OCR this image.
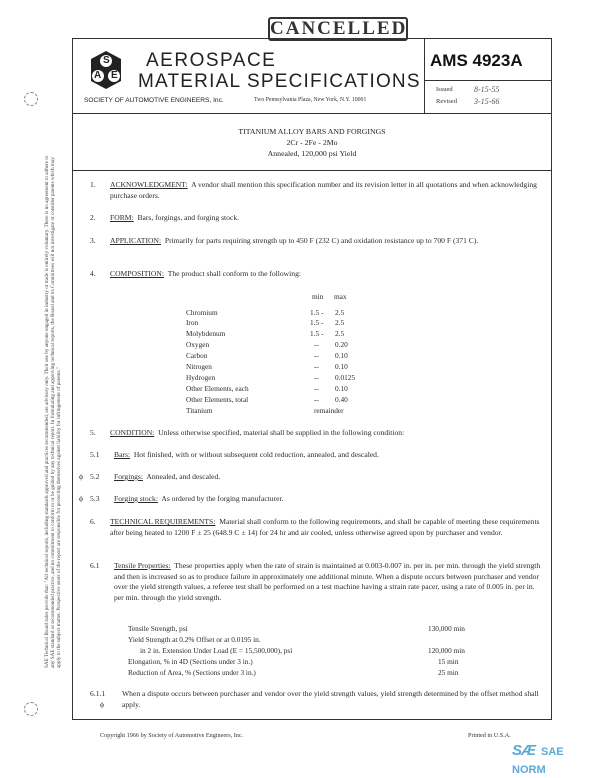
CANCELLED
SAE Technical Board rules provide that: "All technical reports, including standards approved and practices recommended, are advisory only. Their use by anyone engaged in industry or trade is entirely voluntary. There is no agreement to adhere to any SAE standard or recommended practice, and no commitment to conform to or be guided by any technical report. In formulating and approving technical reports, the Board and its Committees will not investigate or consider patents which may apply to the subject matter. Prospective users of the report are responsible for protecting themselves against liability for infringement of patents."
S
A E
AEROSPACE
MATERIAL SPECIFICATIONS
SOCIETY OF AUTOMOTIVE ENGINEERS, Inc.	Two Pennsylvania Plaza, New York, N.Y. 10001
AMS 4923A
Issued	8-15-55
Revised 3-15-66
TITANIUM ALLOY BARS AND FORGINGS
2Cr - 2Fe - 2Mo
Annealed, 120,000 psi Yield
1. ACKNOWLEDGMENT: A vendor shall mention this specification number and its revision letter in all quotations and when acknowledging purchase orders.
2. FORM: Bars, forgings, and forging stock.
3. APPLICATION: Primarily for parts requiring strength up to 450 F (232 C) and oxidation resistance up to 700 F (371 C).
4. COMPOSITION: The product shall conform to the following:
min max
Chromium	1.5 - 2.5
Iron	1.5 - 2.5
Molybdenum	1.5 - 2.5
Oxygen	-- 0.20
Carbon	-- 0.10
Nitrogen	-- 0.10
Hydrogen	-- 0.0125
Other Elements, each	-- 0.10
Other Elements, total	-- 0.40
Titanium	remainder
5. CONDITION: Unless otherwise specified, material shall be supplied in the following condition:
5.1 Bars: Hot finished, with or without subsequent cold reduction, annealed, and descaled.
ϕ 5.2 Forgings: Annealed, and descaled.
ϕ 5.3 Forging stock: As ordered by the forging manufacturer.
6. TECHNICAL REQUIREMENTS: Material shall conform to the following requirements, and shall be capable of meeting these requirements after being heated to 1200 F ± 25 (648.9 C ± 14) for 24 hr and air cooled, unless otherwise agreed upon by purchaser and vendor.
6.1 Tensile Properties: These properties apply when the rate of strain is maintained at 0.003-0.007 in. per in. per min. through the yield strength and then is increased so as to produce failure in approximately one additional minute. When a dispute occurs between purchaser and vendor over the yield strength values, a referee test shall be performed on a test machine having a strain rate pacer, using a rate of 0.005 in. per in. per min. through the yield strength.
Tensile Strength, psi	130,000 min
Yield Strength at 0.2% Offset or at 0.0195 in.
in 2 in. Extension Under Load (E = 15,500,000), psi	120,000 min
Elongation, % in 4D (Sections under 3 in.)	15 min
Reduction of Area, % (Sections under 3 in.)	25 min
6.1.1
ϕ
When a dispute occurs between purchaser and vendor over the yield strength values, yield strength determined by the offset method shall apply.
Copyright 1966 by Society of Automotive Engineers, Inc.	Printed in U.S.A.
SÆ SAE NORM
